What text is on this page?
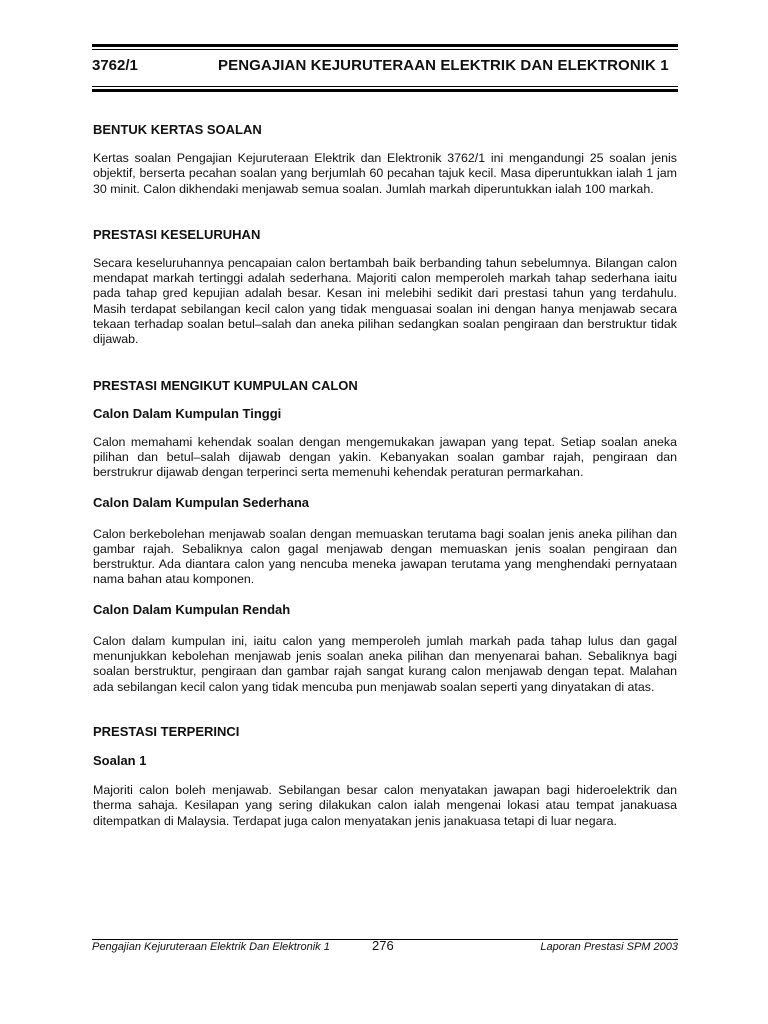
3762/1	PENGAJIAN KEJURUTERAAN ELEKTRIK DAN ELEKTRONIK 1
BENTUK KERTAS SOALAN

Kertas soalan Pengajian Kejuruteraan Elektrik dan Elektronik 3762/1 ini mengandungi 25 soalan jenis objektif, berserta pecahan soalan yang berjumlah 60 pecahan tajuk kecil. Masa diperuntukkan ialah 1 jam 30 minit. Calon dikhendaki menjawab semua soalan. Jumlah markah diperuntukkan ialah 100 markah.

PRESTASI KESELURUHAN

Secara keseluruhannya pencapaian calon bertambah baik berbanding tahun sebelumnya. Bilangan calon mendapat markah tertinggi adalah sederhana. Majoriti calon memperoleh markah tahap sederhana iaitu pada tahap gred kepujian adalah besar. Kesan ini melebihi sedikit dari prestasi tahun yang terdahulu. Masih terdapat sebilangan kecil calon yang tidak menguasai soalan ini dengan hanya menjawab secara tekaan terhadap soalan betul–salah dan aneka pilihan sedangkan soalan pengiraan dan berstruktur tidak dijawab.

PRESTASI MENGIKUT KUMPULAN CALON
Calon Dalam Kumpulan Tinggi

Calon memahami kehendak soalan dengan mengemukakan jawapan yang tepat. Setiap soalan aneka pilihan dan betul–salah dijawab dengan yakin. Kebanyakan soalan gambar rajah, pengiraan dan berstrukrur dijawab dengan terperinci serta memenuhi kehendak peraturan permarkahan.

Calon Dalam Kumpulan Sederhana

Calon berkebolehan menjawab soalan dengan memuaskan terutama bagi soalan jenis aneka pilihan dan gambar rajah. Sebaliknya calon gagal menjawab dengan memuaskan jenis soalan pengiraan dan berstruktur. Ada diantara calon yang nencuba meneka jawapan terutama yang menghendaki pernyataan nama bahan atau komponen.

Calon Dalam Kumpulan Rendah

Calon dalam kumpulan ini, iaitu calon yang memperoleh jumlah markah pada tahap lulus dan gagal menunjukkan kebolehan menjawab jenis soalan aneka pilihan dan menyenarai bahan. Sebaliknya bagi soalan berstruktur, pengiraan dan gambar rajah sangat kurang calon menjawab dengan tepat. Malahan ada sebilangan kecil calon yang tidak mencuba pun menjawab soalan seperti yang dinyatakan di atas.

PRESTASI TERPERINCI
Soalan 1

Majoriti calon boleh menjawab. Sebilangan besar calon menyatakan jawapan bagi hideroelektrik dan therma sahaja. Kesilapan yang sering dilakukan calon ialah mengenai lokasi atau tempat janakuasa ditempatkan di Malaysia. Terdapat juga calon menyatakan jenis janakuasa tetapi di luar negara.

Pengajian Kejuruteraan Elektrik Dan Elektronik 1	276	Laporan Prestasi SPM 2003
